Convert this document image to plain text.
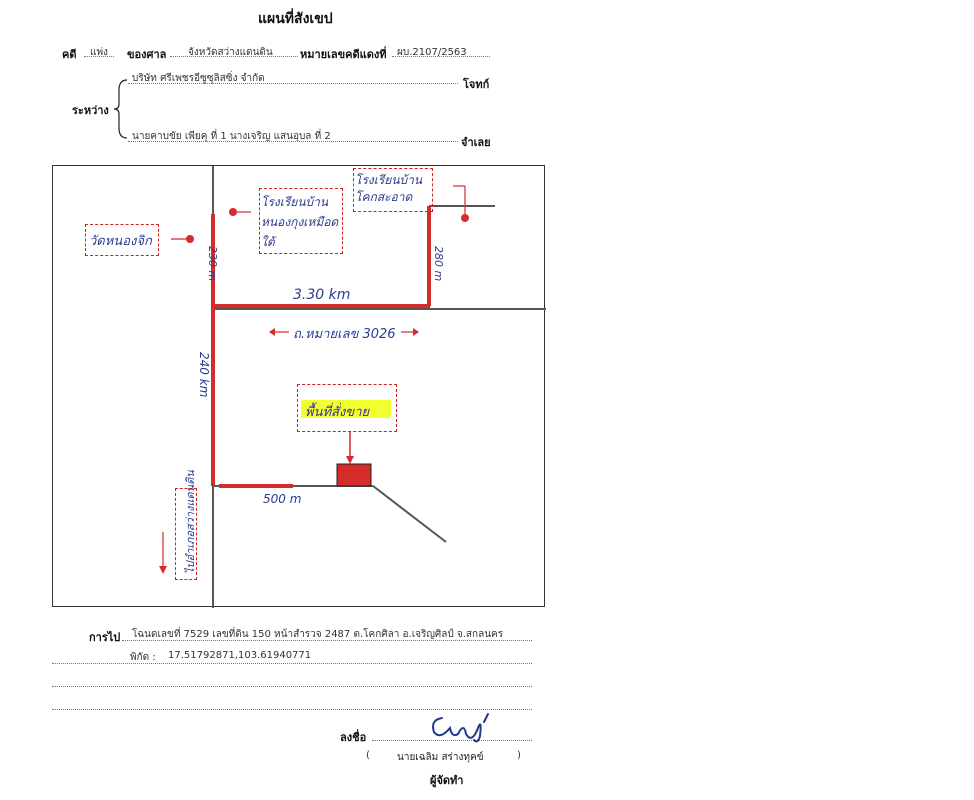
แผนที่สังเขป
คดี แพ่ง ของศาล จังหวัดสว่างแดนดิน หมายเลขคดีแดงที่ ผบ.2107/2563
บริษัท ศรีเพชรอีซูซุลิสซิ่ง จำกัด	โจทก์
ระหว่าง
นายคาบขัย เพียคุ ที่ 1 นางเจริญ แสนอุบล ที่ 2	จำเลย
วัดหนองจิก
โรงเรียนบ้านหนองกุงเหมือดใต้
โรงเรียนบ้านโคกสะอาด
230 m
3.30 km
280 m
ถ.หมายเลข 3026
240 km
พื้นที่สั่งขาย
500 m
ไปอำเภอสว่างแดนดิน
การไป โฉนดเลขที่ 7529 เลขที่ดิน 150 หน้าสำรวจ 2487 ต.โคกศิลา อ.เจริญศิลป์ จ.สกลนคร
พิกัด : 17.51792871,103.61940771
ลงชื่อ
(	นายเฉลิม สร่างทุคข์	)
ผู้จัดทำ
